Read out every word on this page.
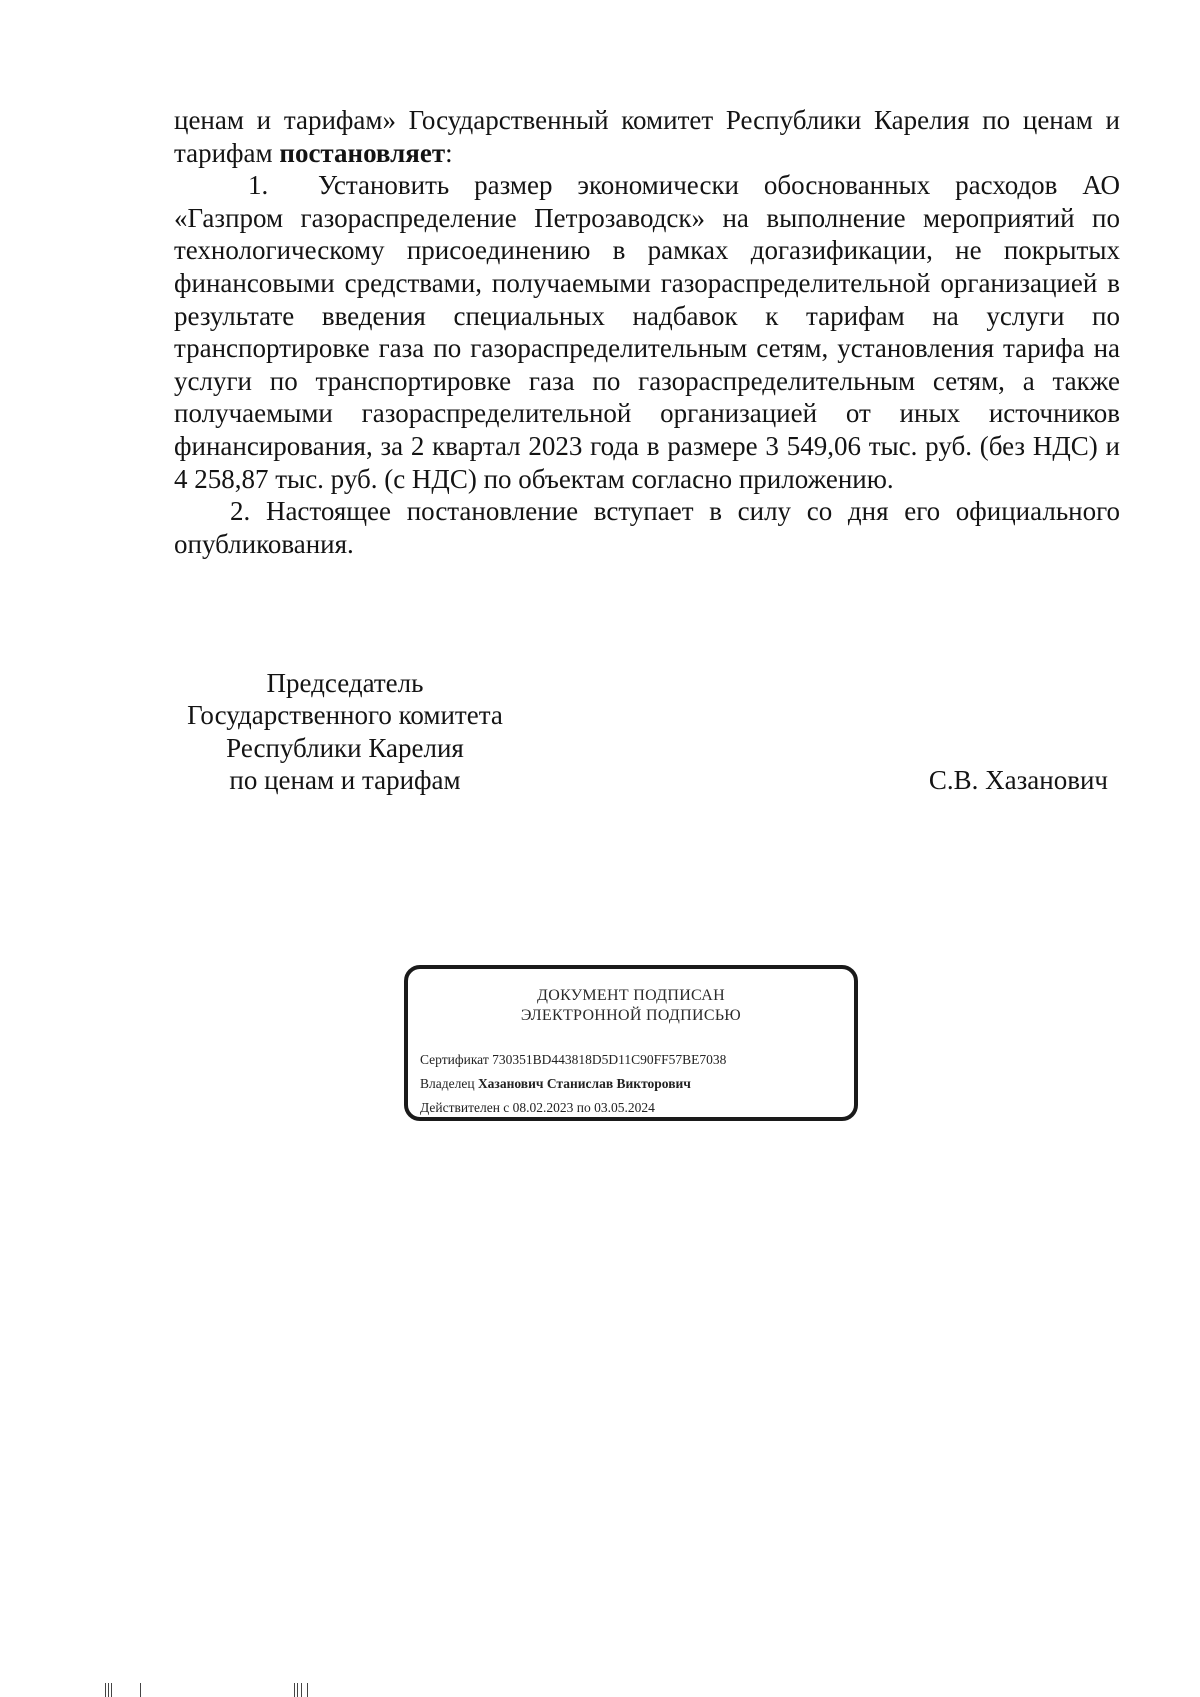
ценам и тарифам» Государственный комитет Республики Карелия по ценам и тарифам постановляет:

1. Установить размер экономически обоснованных расходов АО «Газпром газораспределение Петрозаводск» на выполнение мероприятий по технологическому присоединению в рамках догазификации, не покрытых финансовыми средствами, получаемыми газораспределительной организацией в результате введения специальных надбавок к тарифам на услуги по транспортировке газа по газораспределительным сетям, установления тарифа на услуги по транспортировке газа по газораспределительным сетям, а также получаемыми газораспределительной организацией от иных источников финансирования, за 2 квартал 2023 года в размере 3 549,06 тыс. руб. (без НДС) и 4 258,87 тыс. руб. (с НДС) по объектам согласно приложению.

2. Настоящее постановление вступает в силу со дня его официального опубликования.

Председатель
Государственного комитета
Республики Карелия
по ценам и тарифам	С.В. Хазанович
ДОКУМЕНТ ПОДПИСАН
ЭЛЕКТРОННОЙ ПОДПИСЬЮ
Сертификат 730351BD443818D5D11C90FF57BE7038
Владелец Хазанович Станислав Викторович
Действителен с 08.02.2023 по 03.05.2024
